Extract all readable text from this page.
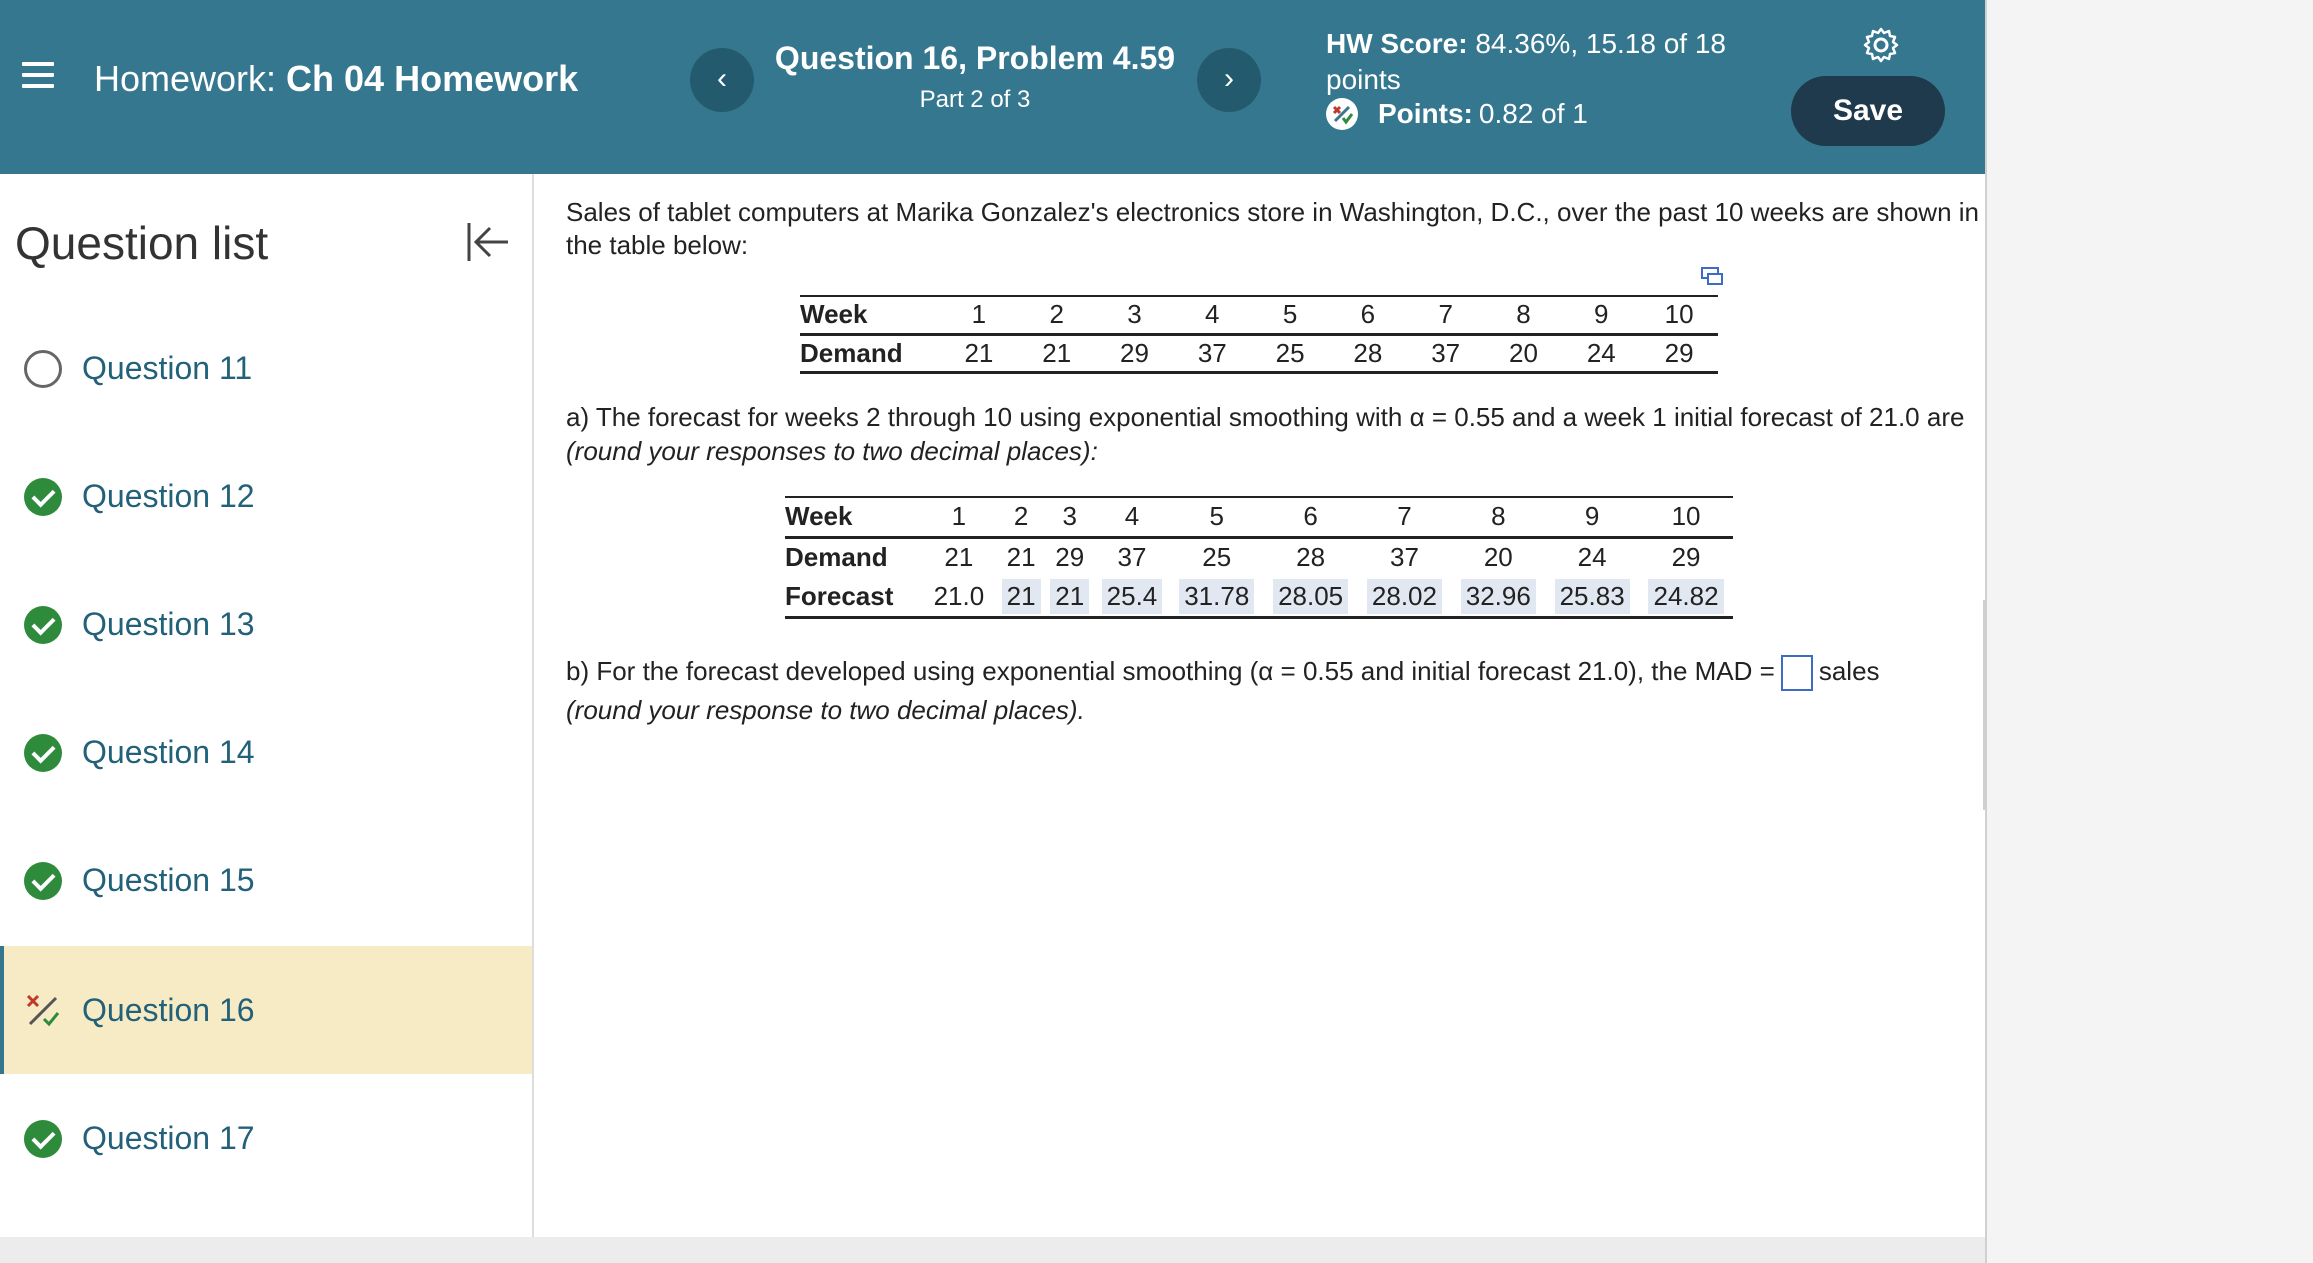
Homework: Ch 04 Homework	‹
Question 16, Problem 4.59
Part 2 of 3
›
HW Score: 84.36%, 15.18 of 18 points
Points: 0.82 of 1	Save
Question list
Question 11
Question 12
Question 13
Question 14
Question 15
Question 16
Question 17
Sales of tablet computers at Marika Gonzalez's electronics store in Washington, D.C., over the past 10 weeks are shown in the table below:
Week	1	2	3	4	5	6	7	8	9	10
Demand	21	21	29	37	25	28	37	20	24	29
a) The forecast for weeks 2 through 10 using exponential smoothing with α = 0.55 and a week 1 initial forecast of 21.0 are (round your responses to two decimal places):
Week	1	2	3	4	5	6	7	8	9	10
Demand	21	21	29	37	25	28	37	20	24	29
Forecast	21.0	21	21	25.4	31.78	28.05	28.02	32.96	25.83	24.82
b) For the forecast developed using exponential smoothing (α = 0.55 and initial forecast 21.0), the MAD = sales
(round your response to two decimal places).
